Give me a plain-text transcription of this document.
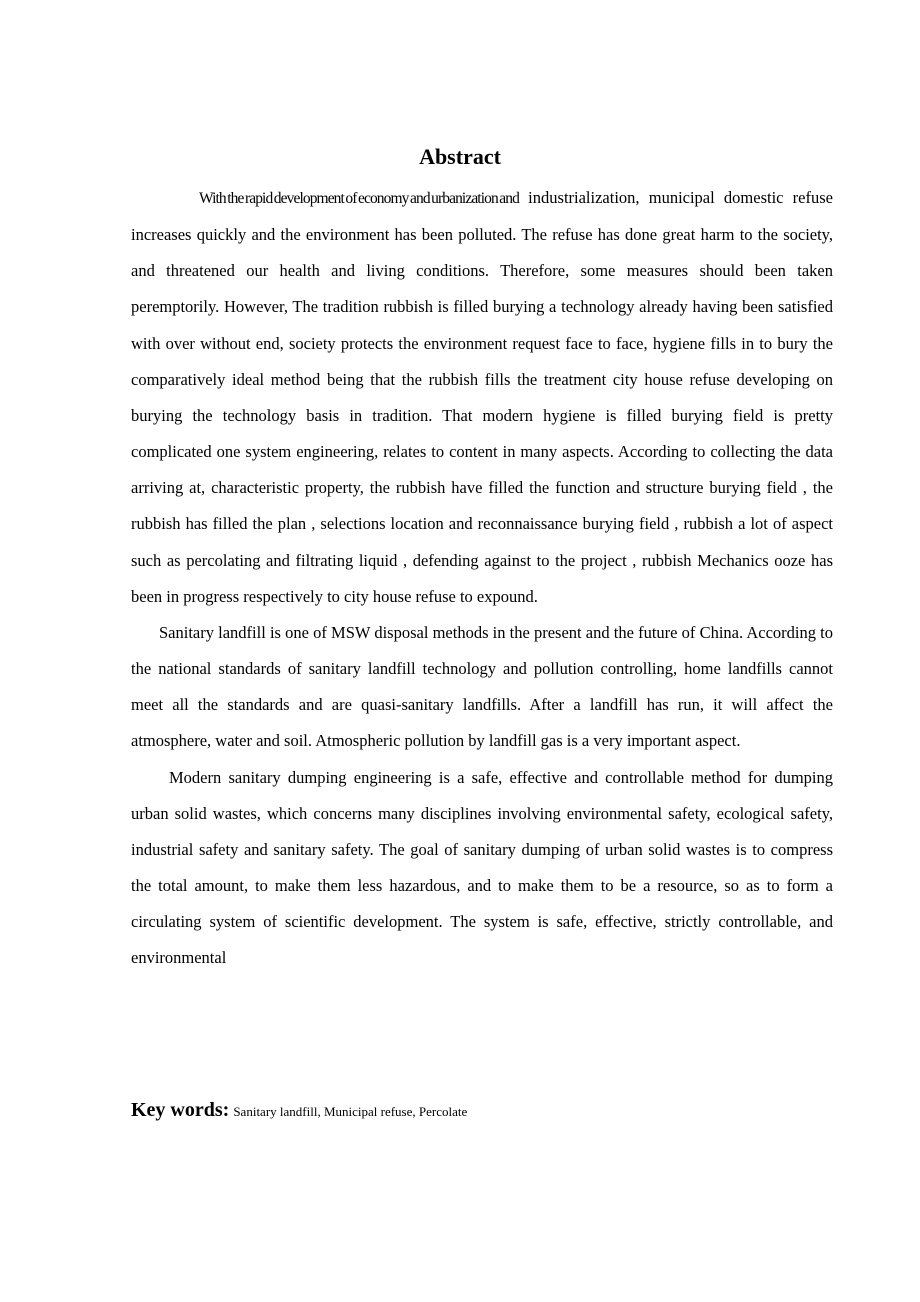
Abstract

With the rapid development of economy and urbanization and industrialization, municipal domestic refuse increases quickly and the environment has been polluted. The refuse has done great harm to the society, and threatened our health and living conditions. Therefore, some measures should been taken peremptorily. However, The tradition rubbish is filled burying a technology already having been satisfied with over without end, society protects the environment request face to face, hygiene fills in to bury the comparatively ideal method being that the rubbish fills the treatment city house refuse developing on burying the technology basis in tradition. That modern hygiene is filled burying field is pretty complicated one system engineering, relates to content in many aspects. According to collecting the data arriving at, characteristic property, the rubbish have filled the function and structure burying field , the rubbish has filled the plan , selections location and reconnaissance burying field , rubbish a lot of aspect such as percolating and filtrating liquid , defending against to the project , rubbish Mechanics ooze has been in progress respectively to city house refuse to expound.

Sanitary landfill is one of MSW disposal methods in the present and the future of China. According to the national standards of sanitary landfill technology and pollution controlling, home landfills cannot meet all the standards and are quasi-sanitary landfills. After a landfill has run, it will affect the atmosphere, water and soil. Atmospheric pollution by landfill gas is a very important aspect.

Modern sanitary dumping engineering is a safe, effective and controllable method for dumping urban solid wastes, which concerns many disciplines involving environmental safety, ecological safety, industrial safety and sanitary safety. The goal of sanitary dumping of urban solid wastes is to compress the total amount, to make them less hazardous, and to make them to be a resource, so as to form a circulating system of scientific development. The system is safe, effective, strictly controllable, and environmental

Key words: Sanitary landfill, Municipal refuse, Percolate
